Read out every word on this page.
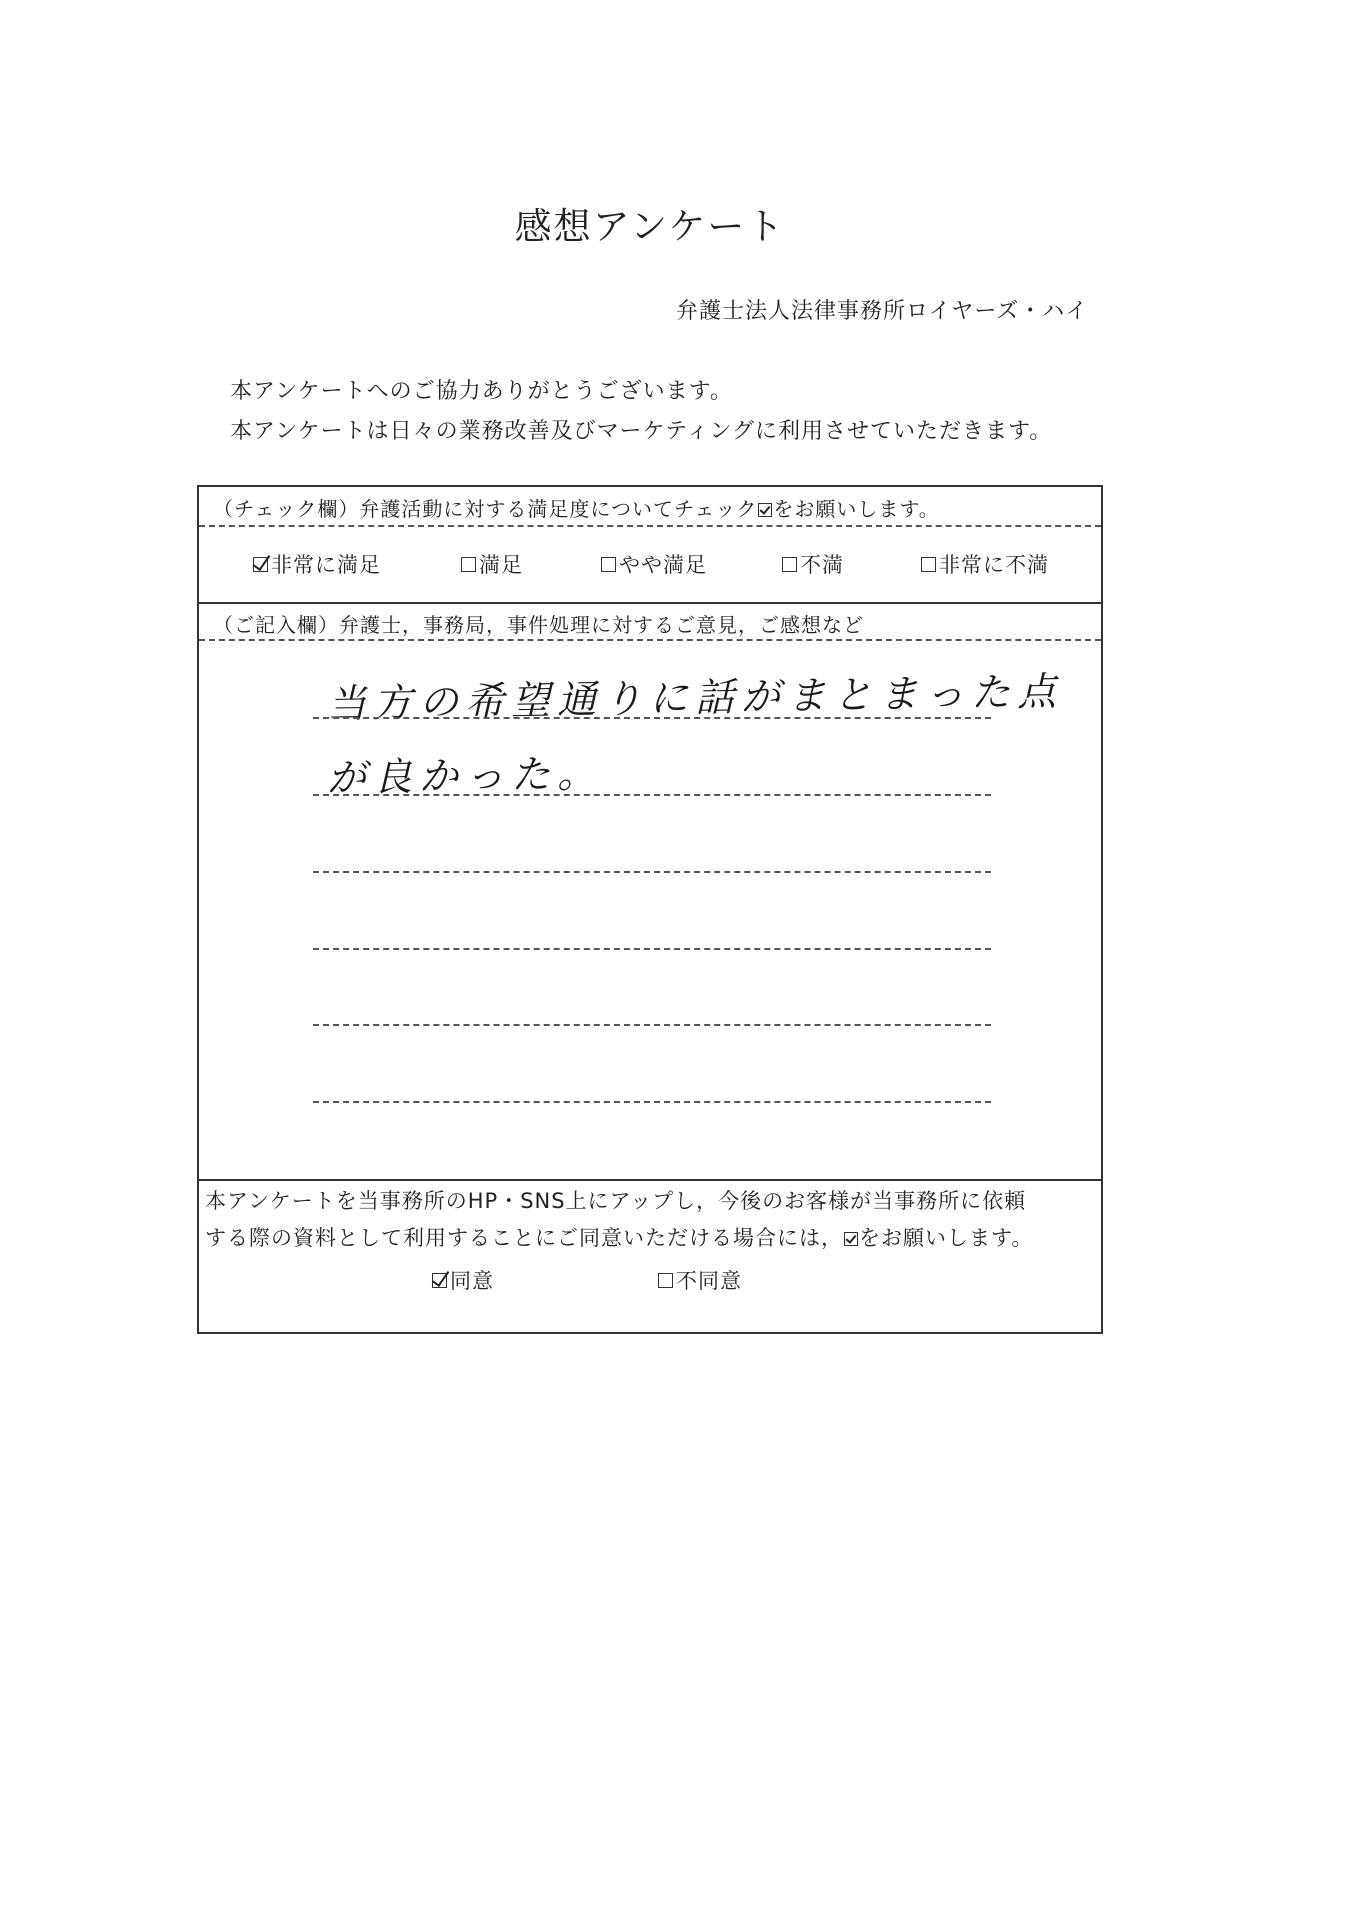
感想アンケート
弁護士法人法律事務所ロイヤーズ・ハイ
本アンケートへのご協力ありがとうございます。
本アンケートは日々の業務改善及びマーケティングに利用させていただきます。
（チェック欄）弁護活動に対する満足度についてチェック をお願いします。
非常に満足	満足	やや満足	不満	非常に不満
（ご記入欄）弁護士，事務局，事件処理に対するご意見，ご感想など
当方の希望通りに話がまとまった点
が良かった。
本アンケートを当事務所のHP・SNS上にアップし，今後のお客様が当事務所に依頼
する際の資料として利用することにご同意いただける場合には， をお願いします。
同意	不同意
